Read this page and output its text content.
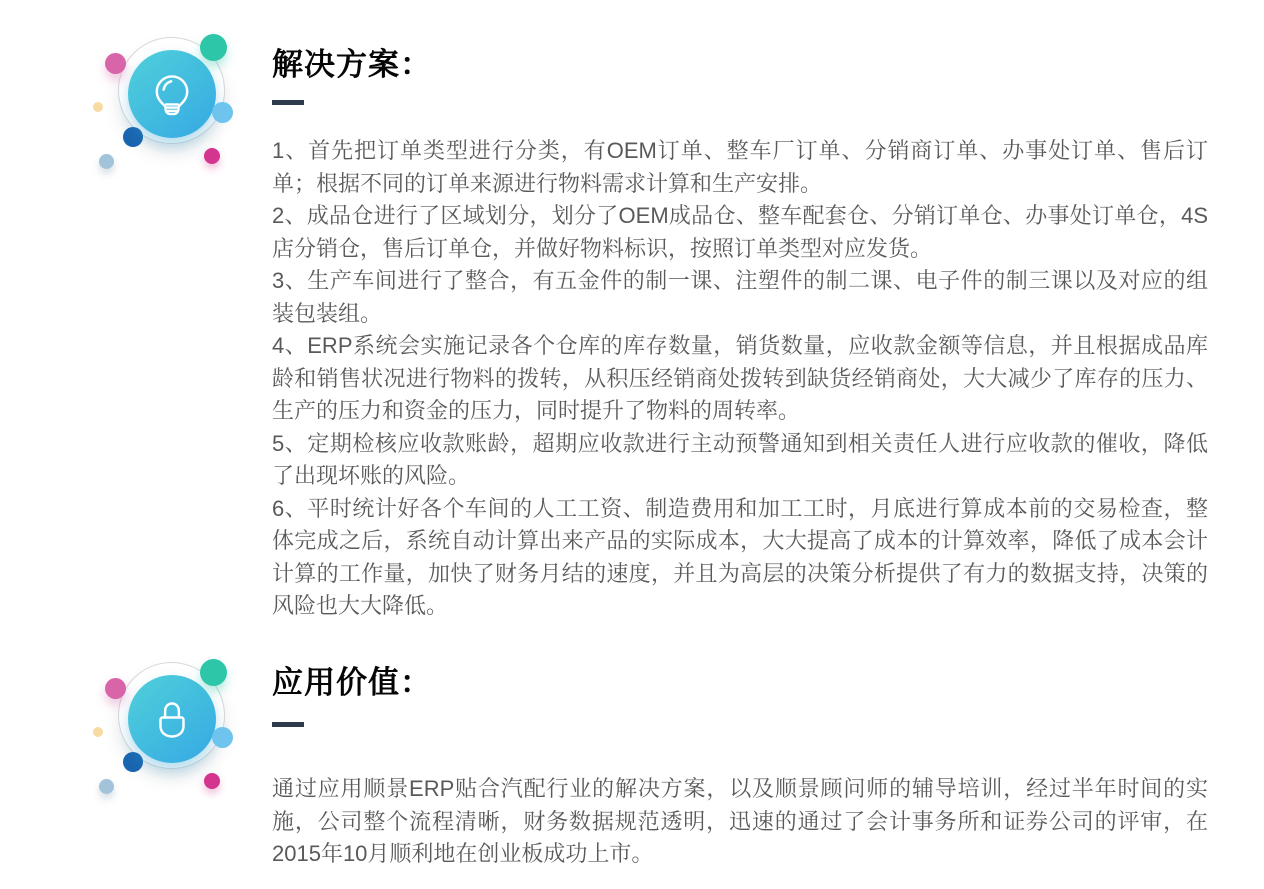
解决方案：

1、首先把订单类型进行分类，有OEM订单、整车厂订单、分销商订单、办事处订单、售后订单；根据不同的订单来源进行物料需求计算和生产安排。

2、成品仓进行了区域划分，划分了OEM成品仓、整车配套仓、分销订单仓、办事处订单仓，4S店分销仓，售后订单仓，并做好物料标识，按照订单类型对应发货。

3、生产车间进行了整合，有五金件的制一课、注塑件的制二课、电子件的制三课以及对应的组装包装组。

4、ERP系统会实施记录各个仓库的库存数量，销货数量，应收款金额等信息，并且根据成品库龄和销售状况进行物料的拨转，从积压经销商处拨转到缺货经销商处，大大减少了库存的压力、生产的压力和资金的压力，同时提升了物料的周转率。

5、定期检核应收款账龄，超期应收款进行主动预警通知到相关责任人进行应收款的催收，降低了出现坏账的风险。

6、平时统计好各个车间的人工工资、制造费用和加工工时，月底进行算成本前的交易检查，整体完成之后，系统自动计算出来产品的实际成本，大大提高了成本的计算效率，降低了成本会计计算的工作量，加快了财务月结的速度，并且为高层的决策分析提供了有力的数据支持，决策的风险也大大降低。

应用价值：

通过应用顺景ERP贴合汽配行业的解决方案，以及顺景顾问师的辅导培训，经过半年时间的实施，公司整个流程清晰，财务数据规范透明，迅速的通过了会计事务所和证券公司的评审，在2015年10月顺利地在创业板成功上市。
